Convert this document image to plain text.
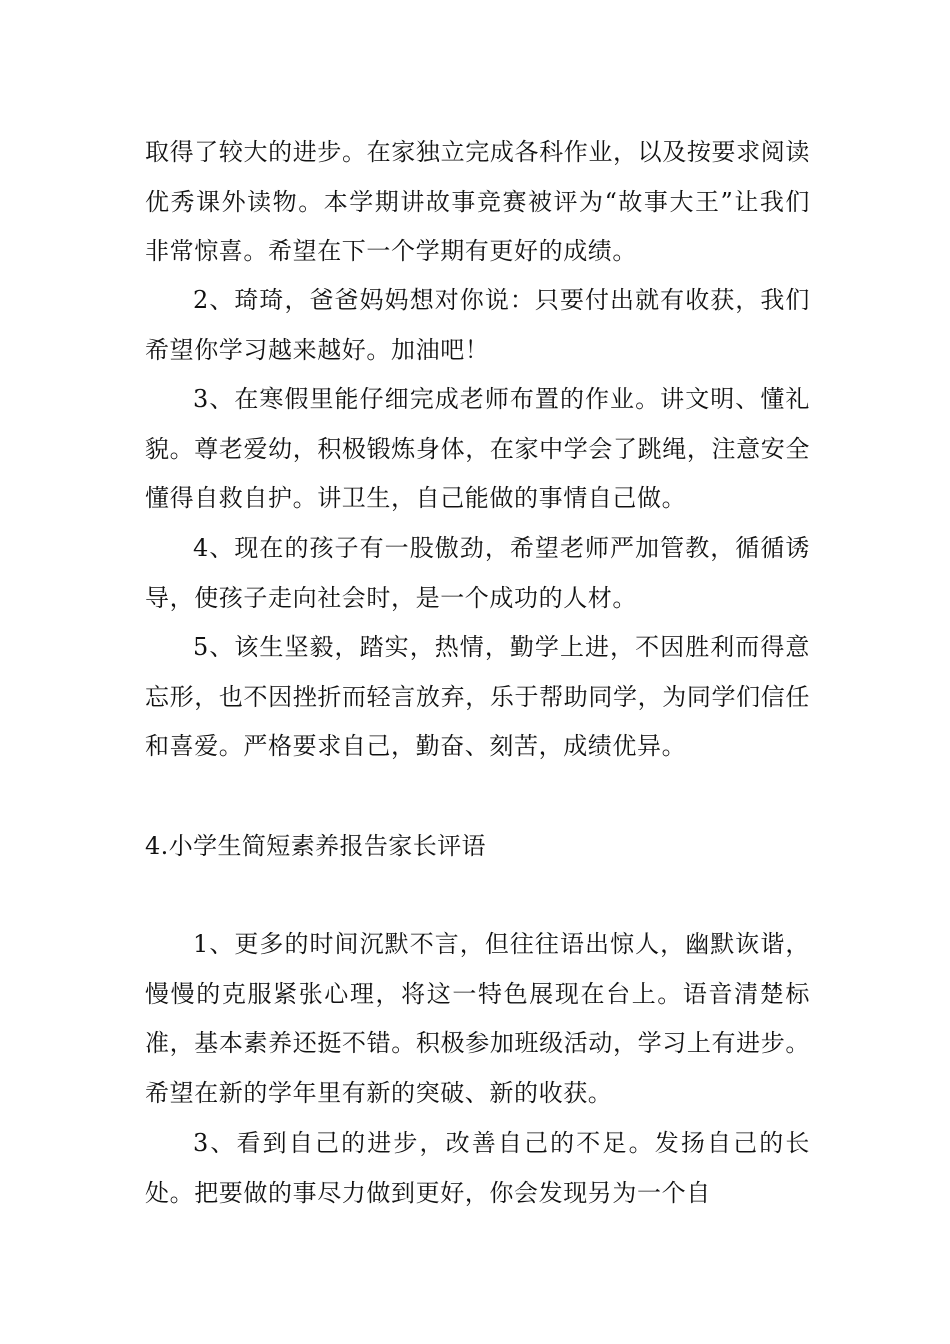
取得了较大的进步。在家独立完成各科作业，以及按要求阅读优秀课外读物。本学期讲故事竞赛被评为“故事大王”让我们非常惊喜。希望在下一个学期有更好的成绩。

2、琦琦，爸爸妈妈想对你说：只要付出就有收获，我们希望你学习越来越好。加油吧！

3、在寒假里能仔细完成老师布置的作业。讲文明、懂礼貌。尊老爱幼，积极锻炼身体，在家中学会了跳绳，注意安全懂得自救自护。讲卫生，自己能做的事情自己做。

4、现在的孩子有一股傲劲，希望老师严加管教，循循诱导，使孩子走向社会时，是一个成功的人材。

5、该生坚毅，踏实，热情，勤学上进，不因胜利而得意忘形，也不因挫折而轻言放弃，乐于帮助同学，为同学们信任和喜爱。严格要求自己，勤奋、刻苦，成绩优异。

4.小学生简短素养报告家长评语

1、更多的时间沉默不言，但往往语出惊人，幽默诙谐，慢慢的克服紧张心理，将这一特色展现在台上。语音清楚标准，基本素养还挺不错。积极参加班级活动，学习上有进步。希望在新的学年里有新的突破、新的收获。

3、看到自己的进步，改善自己的不足。发扬自己的长处。把要做的事尽力做到更好，你会发现另为一个自
